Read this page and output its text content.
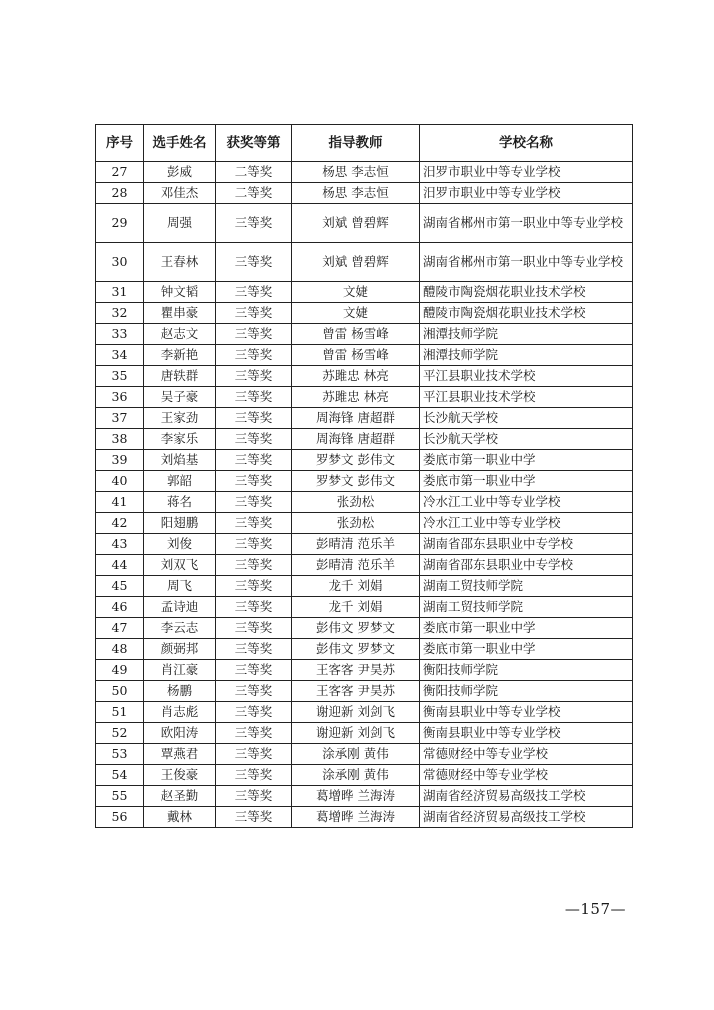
序号	选手姓名	获奖等第	指导教师	学校名称
27	彭威	二等奖	杨思 李志恒	汨罗市职业中等专业学校
28	邓佳杰	二等奖	杨思 李志恒	汨罗市职业中等专业学校
29	周强	三等奖	刘斌 曾碧辉	湖南省郴州市第一职业中等专业学校
30	王春林	三等奖	刘斌 曾碧辉	湖南省郴州市第一职业中等专业学校
31	钟文韬	三等奖	文婕	醴陵市陶瓷烟花职业技术学校
32	瞿串豪	三等奖	文婕	醴陵市陶瓷烟花职业技术学校
33	赵志文	三等奖	曾雷 杨雪峰	湘潭技师学院
34	李新艳	三等奖	曾雷 杨雪峰	湘潭技师学院
35	唐轶群	三等奖	苏雎忠 林亮	平江县职业技术学校
36	吴子豪	三等奖	苏雎忠 林亮	平江县职业技术学校
37	王家劲	三等奖	周海锋 唐超群	长沙航天学校
38	李家乐	三等奖	周海锋 唐超群	长沙航天学校
39	刘焰基	三等奖	罗梦文 彭伟文	娄底市第一职业中学
40	郭韶	三等奖	罗梦文 彭伟文	娄底市第一职业中学
41	蒋名	三等奖	张劲松	冷水江工业中等专业学校
42	阳翅鹏	三等奖	张劲松	冷水江工业中等专业学校
43	刘俊	三等奖	彭晴清 范乐羊	湖南省邵东县职业中专学校
44	刘双飞	三等奖	彭晴清 范乐羊	湖南省邵东县职业中专学校
45	周飞	三等奖	龙千 刘娟	湖南工贸技师学院
46	孟诗迪	三等奖	龙千 刘娟	湖南工贸技师学院
47	李云志	三等奖	彭伟文 罗梦文	娄底市第一职业中学
48	颜弼邦	三等奖	彭伟文 罗梦文	娄底市第一职业中学
49	肖江豪	三等奖	王客客 尹昊苏	衡阳技师学院
50	杨鹏	三等奖	王客客 尹昊苏	衡阳技师学院
51	肖志彪	三等奖	谢迎新 刘剑飞	衡南县职业中等专业学校
52	欧阳涛	三等奖	谢迎新 刘剑飞	衡南县职业中等专业学校
53	覃燕君	三等奖	涂承刚 黄伟	常德财经中等专业学校
54	王俊豪	三等奖	涂承刚 黄伟	常德财经中等专业学校
55	赵圣勤	三等奖	葛增晔 兰海涛	湖南省经济贸易高级技工学校
56	戴林	三等奖	葛增晔 兰海涛	湖南省经济贸易高级技工学校
—157—
